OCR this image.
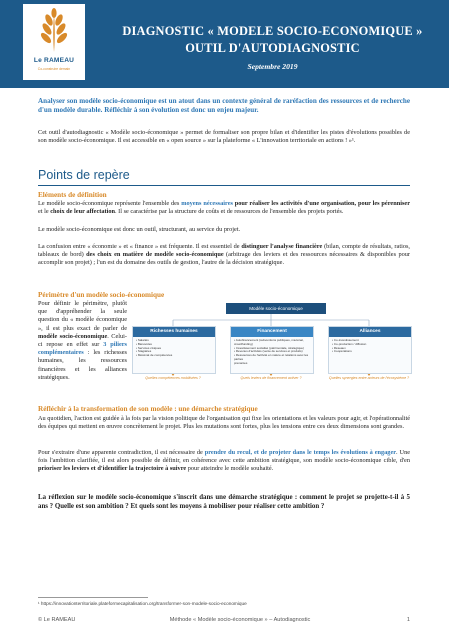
Le RAMEAU
Co-construire demain
DIAGNOSTIC « MODELE SOCIO-ECONOMIQUE »
OUTIL D'AUTODIAGNOSTIC
Septembre 2019
Analyser son modèle socio-économique est un atout dans un contexte général de raréfaction des ressources et de recherche d'un modèle durable. Réfléchir à son évolution est donc un enjeu majeur.
Cet outil d'autodiagnostic « Modèle socio-économique » permet de formaliser son propre bilan et d'identifier les pistes d'évolutions possibles de son modèle socio-économique. Il est accessible en « open source » sur la plateforme « L'innovation territoriale en actions ! »¹.
Points de repère
Eléments de définition
Le modèle socio-économique représente l'ensemble des moyens nécessaires pour réaliser les activités d'une organisation, pour les pérenniser et le choix de leur affectation. Il se caractérise par la structure de coûts et de ressources de l'ensemble des projets portés.
Le modèle socio-économique est donc un outil, structurant, au service du projet.
La confusion entre « économie » et « finance » est fréquente. Il est essentiel de distinguer l'analyse financière (bilan, compte de résultats, ratios, tableaux de bord) des choix en matière de modèle socio-économique (arbitrage des leviers et des ressources nécessaires & disponibles pour accomplir son projet) ; l'un est du domaine des outils de gestion, l'autre de la décision stratégique.
Périmètre d'un modèle socio-économique
Pour définir le périmètre, plutôt que d'appréhender la seule question du « modèle économique », il est plus exact de parler de modèle socio-économique. Celui-ci repose en effet sur 3 piliers complémentaires : les richesses humaines, les ressources financières et les alliances stratégiques.
Modèle socio-économique
Richesses humaines
• Salariés
• Bénévoles
• Services civiques
• Stagiaires
• Mécénat de compétences
Financement
• Autofinancement (subventions publiques, mécénat, crowdfunding)
• Investissement socialisé (patrimoniale, stratégique)
• Revenus d'activités (vente de services et produits)
• Ressources de l'activité en nature et relations avec les parties
prenantes
Alliances
• Co-investissement
• Co-production / diffusion
• Réseaux
• Coopérations
Quelles compétences mobilisées ?	Quels leviers de financement activer ?	Quelles synergies entre acteurs de l'écosystème ?
Réfléchir à la transformation de son modèle : une démarche stratégique
Au quotidien, l'action est guidée à la fois par la vision politique de l'organisation qui fixe les orientations et les valeurs pour agir, et l'opérationnalité des équipes qui mettent en œuvre concrètement le projet. Plus les mutations sont fortes, plus les tensions entre ces deux dimensions sont grandes.
Pour s'extraire d'une apparente contradiction, il est nécessaire de prendre du recul, et de projeter dans le temps les évolutions à engager. Une fois l'ambition clarifiée, il est alors possible de définir, en cohérence avec cette ambition stratégique, son modèle socio-économique cible, d'en prioriser les leviers et d'identifier la trajectoire à suivre pour atteindre le modèle souhaité.
La réflexion sur le modèle socio-économique s'inscrit dans une démarche stratégique : comment le projet se projette-t-il à 5 ans ? Quelle est son ambition ? Et quels sont les moyens à mobiliser pour réaliser cette ambition ?
¹ https://innovationterritoriale.plateformecapitalisation.org/transformer-son-modele-socio-economique
© Le RAMEAU	Méthode « Modèle socio-économique » – Autodiagnostic	1
